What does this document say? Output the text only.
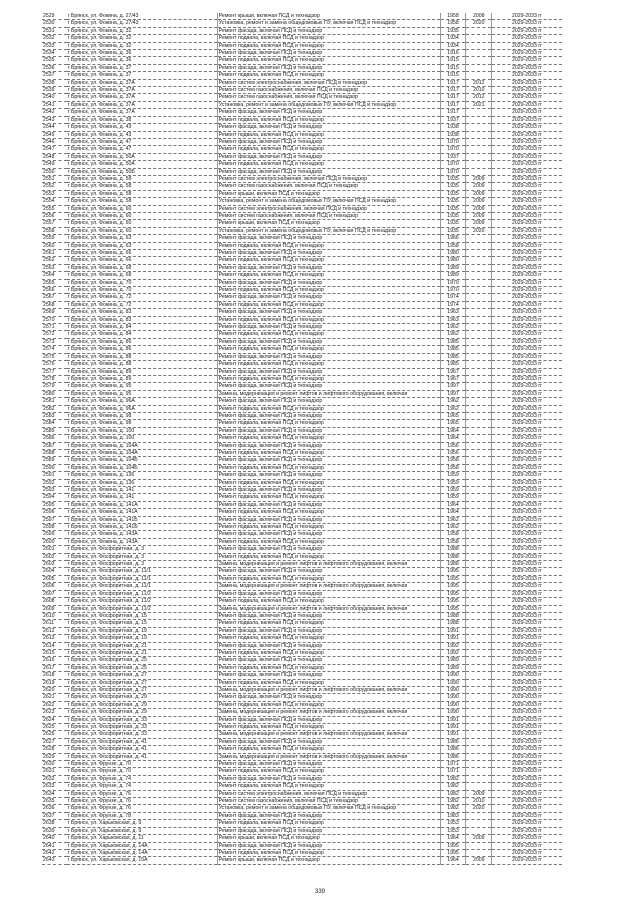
2529	г Брянск, ул. Фокина, д. 27/43	Ремонт крыши, включая ПСД и технадзор	1958	2008	2029-2033 гг
2530	г Брянск, ул. Фокина, д. 27/43	Установка, ремонт и замена общедомовых ПУ, включая ПСД и технадзор	1958	2020	2029-2033 гг
2531	г Брянск, ул. Фокина, д. 32	Ремонт фасада, включая ПСД и технадзор	1935		2029-2033 гг
2532	г Брянск, ул. Фокина, д. 32	Ремонт подвала, включая ПСД и технадзор	1934		2029-2033 гг
2533	г Брянск, ул. Фокина, д. 32	Ремонт подвала, включая ПСД и технадзор	1934		2029-2033 гг
2534	г Брянск, ул. Фокина, д. 36	Ремонт фасада, включая ПСД и технадзор	1916		2029-2033 гг
2535	г Брянск, ул. Фокина, д. 36	Ремонт подвала, включая ПСД и технадзор	1915		2029-2033 гг
2536	г Брянск, ул. Фокина, д. 37	Ремонт фасада, включая ПСД и технадзор	1915		2029-2033 гг
2537	г Брянск, ул. Фокина, д. 37	Ремонт подвала, включая ПСД и технадзор	1915		2029-2033 гг
2538	г Брянск, ул. Фокина, д. 37А	Ремонт систем электроснабжения, включая ПСД и технадзор	1917	2012	2029-2033 гг
2539	г Брянск, ул. Фокина, д. 37А	Ремонт систем газоснабжения, включая ПСД и технадзор	1917	2010	2029-2033 гг
2540	г Брянск, ул. Фокина, д. 37А	Ремонт систем газоснабжения, включая ПСД и технадзор	1917	2012	2029-2033 гг
2541	г Брянск, ул. Фокина, д. 37А	Установка, ремонт и замена общедомовых ПУ, включая ПСД и технадзор	1917	2021	2029-2033 гг
2542	г Брянск, ул. Фокина, д. 37А	Ремонт фасада, включая ПСД и технадзор	1917		2029-2033 гг
2543	г Брянск, ул. Фокина, д. 38	Ремонт подвала, включая ПСД и технадзор	1937		2029-2033 гг
2544	г Брянск, ул. Фокина, д. 43	Ремонт фасада, включая ПСД и технадзор	1938		2029-2033 гг
2545	г Брянск, ул. Фокина, д. 43	Ремонт подвала, включая ПСД и технадзор	1938		2029-2033 гг
2546	г Брянск, ул. Фокина, д. 47	Ремонт фасада, включая ПСД и технадзор	1970		2029-2033 гг
2547	г Брянск, ул. Фокина, д. 47	Ремонт подвала, включая ПСД и технадзор	1970		2029-2033 гг
2548	г Брянск, ул. Фокина, д. 50А	Ремонт фасада, включая ПСД и технадзор	1937		2029-2033 гг
2549	г Брянск, ул. Фокина, д. 50А	Ремонт подвала, включая ПСД и технадзор	1970		2029-2033 гг
2550	г Брянск, ул. Фокина, д. 50Б	Ремонт фасада, включая ПСД и технадзор	1970		2029-2033 гг
2551	г Брянск, ул. Фокина, д. 58	Ремонт систем электроснабжения, включая ПСД и технадзор	1935	2009	2029-2033 гг
2552	г Брянск, ул. Фокина, д. 58	Ремонт систем газоснабжения, включая ПСД и технадзор	1935	2009	2029-2033 гг
2553	г Брянск, ул. Фокина, д. 58	Ремонт крыши, включая ПСД и технадзор	1935	2009	2029-2033 гг
2554	г Брянск, ул. Фокина, д. 58	Установка, ремонт и замена общедомовых ПУ, включая ПСД и технадзор	1935	2009	2029-2033 гг
2555	г Брянск, ул. Фокина, д. 60	Ремонт систем электроснабжения, включая ПСД и технадзор	1935	2009	2029-2033 гг
2556	г Брянск, ул. Фокина, д. 60	Ремонт систем газоснабжения, включая ПСД и технадзор	1935	2009	2029-2033 гг
2557	г Брянск, ул. Фокина, д. 60	Ремонт крыши, включая ПСД и технадзор	1935	2009	2029-2033 гг
2558	г Брянск, ул. Фокина, д. 60	Установка, ремонт и замена общедомовых ПУ, включая ПСД и технадзор	1935	2020	2029-2033 гг
2559	г Брянск, ул. Фокина, д. 63	Ремонт фасада, включая ПСД и технадзор	1966		2029-2033 гг
2560	г Брянск, ул. Фокина, д. 63	Ремонт подвала, включая ПСД и технадзор	1958		2029-2033 гг
2561	г Брянск, ул. Фокина, д. 66	Ремонт фасада, включая ПСД и технадзор	1980		2029-2033 гг
2562	г Брянск, ул. Фокина, д. 66	Ремонт подвала, включая ПСД и технадзор	1980		2029-2033 гг
2563	г Брянск, ул. Фокина, д. 68	Ремонт фасада, включая ПСД и технадзор	1989		2029-2033 гг
2564	г Брянск, ул. Фокина, д. 68	Ремонт подвала, включая ПСД и технадзор	1989		2029-2033 гг
2565	г Брянск, ул. Фокина, д. 70	Ремонт фасада, включая ПСД и технадзор	1970		2029-2033 гг
2566	г Брянск, ул. Фокина, д. 70	Ремонт подвала, включая ПСД и технадзор	1970		2029-2033 гг
2567	г Брянск, ул. Фокина, д. 72	Ремонт фасада, включая ПСД и технадзор	1974		2029-2033 гг
2568	г Брянск, ул. Фокина, д. 72	Ремонт подвала, включая ПСД и технадзор	1974		2029-2033 гг
2569	г Брянск, ул. Фокина, д. 83	Ремонт фасада, включая ПСД и технадзор	1963		2029-2033 гг
2570	г Брянск, ул. Фокина, д. 83	Ремонт подвала, включая ПСД и технадзор	1963		2029-2033 гг
2571	г Брянск, ул. Фокина, д. 84	Ремонт фасада, включая ПСД и технадзор	1962		2029-2033 гг
2572	г Брянск, ул. Фокина, д. 84	Ремонт подвала, включая ПСД и технадзор	1962		2029-2033 гг
2573	г Брянск, ул. Фокина, д. 86	Ремонт фасада, включая ПСД и технадзор	1985		2029-2033 гг
2574	г Брянск, ул. Фокина, д. 86	Ремонт подвала, включая ПСД и технадзор	1985		2029-2033 гг
2575	г Брянск, ул. Фокина, д. 88	Ремонт фасада, включая ПСД и технадзор	1985		2029-2033 гг
2576	г Брянск, ул. Фокина, д. 88	Ремонт подвала, включая ПСД и технадзор	1985		2029-2033 гг
2577	г Брянск, ул. Фокина, д. 89	Ремонт фасада, включая ПСД и технадзор	1967		2029-2033 гг
2578	г Брянск, ул. Фокина, д. 89	Ремонт подвала, включая ПСД и технадзор	1967		2029-2033 гг
2579	г Брянск, ул. Фокина, д. 95	Ремонт фасада, включая ПСД и технадзор	1997		2029-2033 гг
2580	г Брянск, ул. Фокина, д. 95	Замена, модернизация и ремонт лифтов и лифтового оборудования, включая	1997		2029-2033 гг
2581	г Брянск, ул. Фокина, д. 96А	Ремонт фасада, включая ПСД и технадзор	1962		2029-2033 гг
2582	г Брянск, ул. Фокина, д. 96А	Ремонт подвала, включая ПСД и технадзор	1962		2029-2033 гг
2583	г Брянск, ул. Фокина, д. 98	Ремонт фасада, включая ПСД и технадзор	1965		2029-2033 гг
2584	г Брянск, ул. Фокина, д. 98	Ремонт подвала, включая ПСД и технадзор	1965		2029-2033 гг
2585	г Брянск, ул. Фокина, д. 100	Ремонт фасада, включая ПСД и технадзор	1964		2029-2033 гг
2586	г Брянск, ул. Фокина, д. 100	Ремонт подвала, включая ПСД и технадзор	1964		2029-2033 гг
2587	г Брянск, ул. Фокина, д. 104А	Ремонт фасада, включая ПСД и технадзор	1956		2029-2033 гг
2588	г Брянск, ул. Фокина, д. 104А	Ремонт подвала, включая ПСД и технадзор	1956		2029-2033 гг
2589	г Брянск, ул. Фокина, д. 104Б	Ремонт фасада, включая ПСД и технадзор	1958		2029-2033 гг
2590	г Брянск, ул. Фокина, д. 104Б	Ремонт подвала, включая ПСД и технадзор	1958		2029-2033 гг
2591	г Брянск, ул. Фокина, д. 136	Ремонт фасада, включая ПСД и технадзор	1959		2029-2033 гг
2592	г Брянск, ул. Фокина, д. 136	Ремонт подвала, включая ПСД и технадзор	1959		2029-2033 гг
2593	г Брянск, ул. Фокина, д. 141	Ремонт фасада, включая ПСД и технадзор	1959		2029-2033 гг
2594	г Брянск, ул. Фокина, д. 141	Ремонт подвала, включая ПСД и технадзор	1959		2029-2033 гг
2595	г Брянск, ул. Фокина, д. 141А	Ремонт фасада, включая ПСД и технадзор	1964		2029-2033 гг
2596	г Брянск, ул. Фокина, д. 141А	Ремонт подвала, включая ПСД и технадзор	1964		2029-2033 гг
2597	г Брянск, ул. Фокина, д. 141Б	Ремонт фасада, включая ПСД и технадзор	1962		2029-2033 гг
2598	г Брянск, ул. Фокина, д. 141Б	Ремонт подвала, включая ПСД и технадзор	1962		2029-2033 гг
2599	г Брянск, ул. Фокина, д. 143А	Ремонт фасада, включая ПСД и технадзор	1958		2029-2033 гг
2600	г Брянск, ул. Фокина, д. 143А	Ремонт подвала, включая ПСД и технадзор	1958		2029-2033 гг
2601	г Брянск, ул. Фосфоритная, д. 3	Ремонт фасада, включая ПСД и технадзор	1988		2029-2033 гг
2602	г Брянск, ул. Фосфоритная, д. 3	Ремонт подвала, включая ПСД и технадзор	1988		2029-2033 гг
2603	г Брянск, ул. Фосфоритная, д. 3	Замена, модернизация и ремонт лифтов и лифтового оборудования, включая	1988		2029-2033 гг
2604	г Брянск, ул. Фосфоритная, д. 11/1	Ремонт фасада, включая ПСД и технадзор	1995		2029-2033 гг
2605	г Брянск, ул. Фосфоритная, д. 11/1	Ремонт подвала, включая ПСД и технадзор	1995		2029-2033 гг
2606	г Брянск, ул. Фосфоритная, д. 11/1	Замена, модернизация и ремонт лифтов и лифтового оборудования, включая	1995		2029-2033 гг
2607	г Брянск, ул. Фосфоритная, д. 11/2	Ремонт фасада, включая ПСД и технадзор	1995		2029-2033 гг
2608	г Брянск, ул. Фосфоритная, д. 11/2	Ремонт подвала, включая ПСД и технадзор	1995		2029-2033 гг
2609	г Брянск, ул. Фосфоритная, д. 11/2	Замена, модернизация и ремонт лифтов и лифтового оборудования, включая	1995		2029-2033 гг
2610	г Брянск, ул. Фосфоритная, д. 15	Ремонт фасада, включая ПСД и технадзор	1988		2029-2033 гг
2611	г Брянск, ул. Фосфоритная, д. 15	Ремонт подвала, включая ПСД и технадзор	1988		2029-2033 гг
2612	г Брянск, ул. Фосфоритная, д. 19	Ремонт фасада, включая ПСД и технадзор	1991		2029-2033 гг
2613	г Брянск, ул. Фосфоритная, д. 19	Ремонт подвала, включая ПСД и технадзор	1991		2029-2033 гг
2614	г Брянск, ул. Фосфоритная, д. 21	Ремонт фасада, включая ПСД и технадзор	1992		2029-2033 гг
2615	г Брянск, ул. Фосфоритная, д. 21	Ремонт подвала, включая ПСД и технадзор	1992		2029-2033 гг
2616	г Брянск, ул. Фосфоритная, д. 25	Ремонт фасада, включая ПСД и технадзор	1989		2029-2033 гг
2617	г Брянск, ул. Фосфоритная, д. 25	Ремонт подвала, включая ПСД и технадзор	1989		2029-2033 гг
2618	г Брянск, ул. Фосфоритная, д. 27	Ремонт фасада, включая ПСД и технадзор	1990		2029-2033 гг
2619	г Брянск, ул. Фосфоритная, д. 27	Ремонт подвала, включая ПСД и технадзор	1990		2029-2033 гг
2620	г Брянск, ул. Фосфоритная, д. 27	Замена, модернизация и ремонт лифтов и лифтового оборудования, включая	1990		2029-2033 гг
2621	г Брянск, ул. Фосфоритная, д. 29	Ремонт фасада, включая ПСД и технадзор	1990		2029-2033 гг
2622	г Брянск, ул. Фосфоритная, д. 29	Ремонт подвала, включая ПСД и технадзор	1990		2029-2033 гг
2623	г Брянск, ул. Фосфоритная, д. 29	Замена, модернизация и ремонт лифтов и лифтового оборудования, включая	1990		2029-2033 гг
2624	г Брянск, ул. Фосфоритная, д. 33	Ремонт фасада, включая ПСД и технадзор	1991		2029-2033 гг
2625	г Брянск, ул. Фосфоритная, д. 33	Ремонт подвала, включая ПСД и технадзор	1991		2029-2033 гг
2626	г Брянск, ул. Фосфоритная, д. 33	Замена, модернизация и ремонт лифтов и лифтового оборудования, включая	1991		2029-2033 гг
2627	г Брянск, ул. Фосфоритная, д. 41	Ремонт фасада, включая ПСД и технадзор	1986		2029-2033 гг
2628	г Брянск, ул. Фосфоритная, д. 41	Ремонт подвала, включая ПСД и технадзор	1986		2029-2033 гг
2629	г Брянск, ул. Фосфоритная, д. 41	Замена, модернизация и ремонт лифтов и лифтового оборудования, включая	1986		2029-2033 гг
2630	г Брянск, ул. Фрунзе, д. 70	Ремонт фасада, включая ПСД и технадзор	1971		2029-2033 гг
2631	г Брянск, ул. Фрунзе, д. 70	Ремонт подвала, включая ПСД и технадзор	1971		2029-2033 гг
2632	г Брянск, ул. Фрунзе, д. 74	Ремонт фасада, включая ПСД и технадзор	1982		2029-2033 гг
2633	г Брянск, ул. Фрунзе, д. 74	Ремонт подвала, включая ПСД и технадзор	1982		2029-2033 гг
2634	г Брянск, ул. Фрунзе, д. 76	Ремонт систем электроснабжения, включая ПСД и технадзор	1982	2009	2029-2033 гг
2635	г Брянск, ул. Фрунзе, д. 76	Ремонт систем газоснабжения, включая ПСД и технадзор	1982	2010	2029-2033 гг
2636	г Брянск, ул. Фрунзе, д. 76	Установка, ремонт и замена общедомовых ПУ, включая ПСД и технадзор	1982	2020	2029-2033 гг
2637	г Брянск, ул. Фрунзе, д. 78	Ремонт фасада, включая ПСД и технадзор	1983		2029-2033 гг
2638	г Брянск, ул. Харьковская, д. 9	Ремонт подвала, включая ПСД и технадзор	1953		2029-2033 гг
2639	г Брянск, ул. Харьковская, д. 9	Ремонт фасада, включая ПСД и технадзор	1953		2029-2033 гг
2640	г Брянск, ул. Харьковская, д. 11	Ремонт крыши, включая ПСД и технадзор	1964	2009	2029-2033 гг
2641	г Брянск, ул. Харьковская, д. 14А	Ремонт фасада, включая ПСД и технадзор	1995		2029-2033 гг
2642	г Брянск, ул. Харьковская, д. 14А	Ремонт подвала, включая ПСД и технадзор	1995		2029-2033 гг
2643	г Брянск, ул. Харьковская, д. 15А	Ремонт крыши, включая ПСД и технадзор	1964	2009	2029-2033 гг
339
